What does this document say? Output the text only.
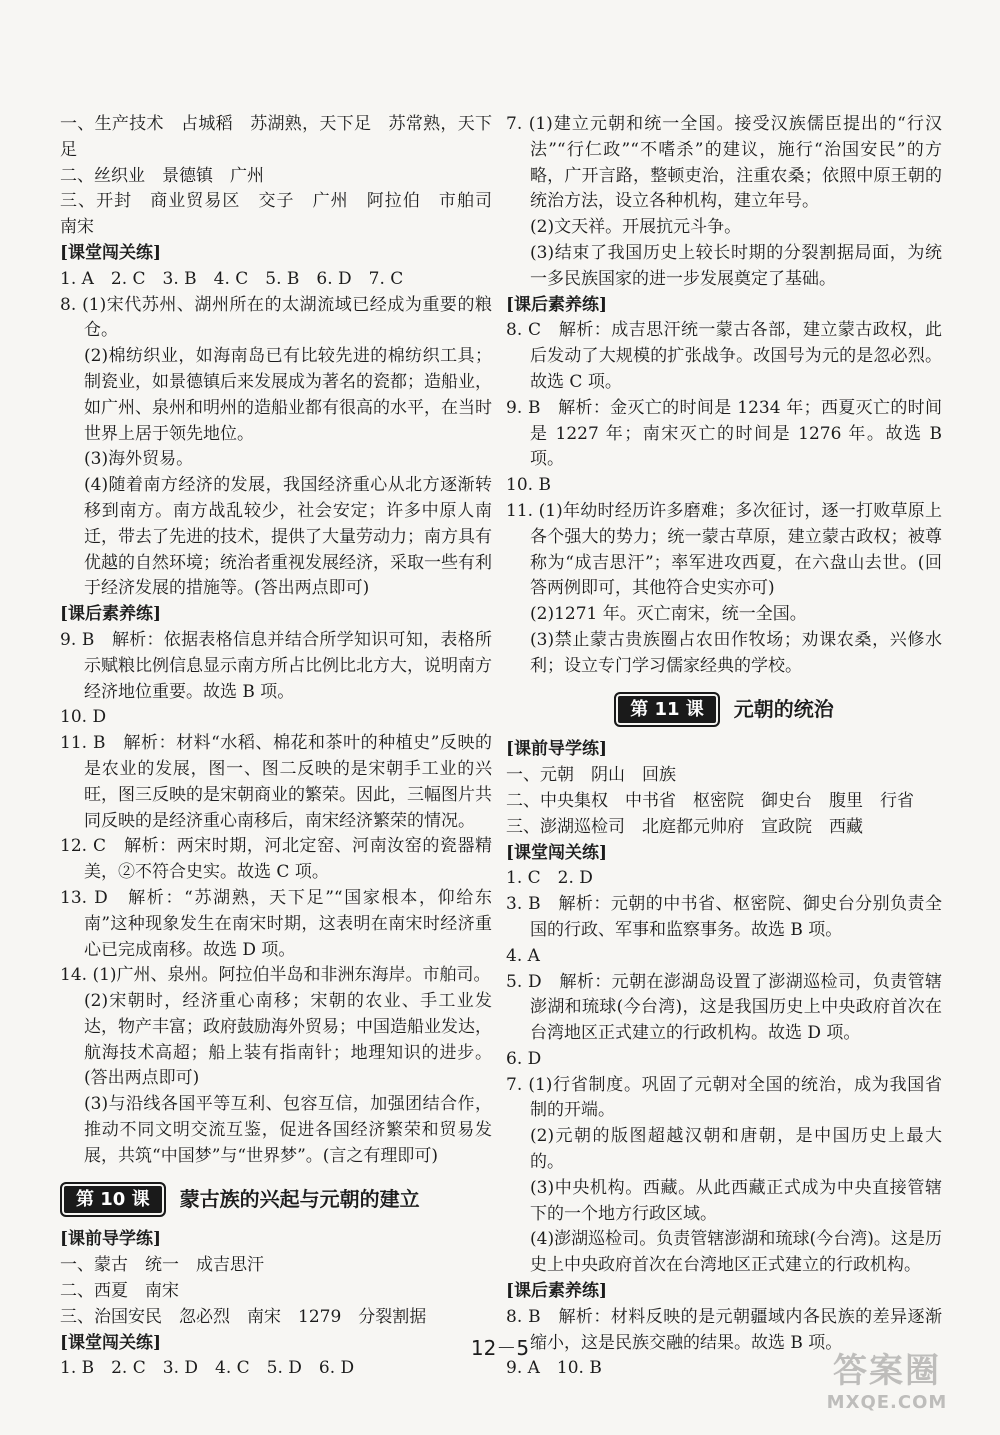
一、生产技术　占城稻　苏湖熟，天下足　苏常熟，天下足
二、丝织业　景德镇　广州
三、开封　商业贸易区　交子　广州　阿拉伯　市舶司　南宋
[课堂闯关练]
1. A　2. C　3. B　4. C　5. B　6. D　7. C
8. (1)宋代苏州、湖州所在的太湖流域已经成为重要的粮仓。
(2)棉纺织业，如海南岛已有比较先进的棉纺织工具；制瓷业，如景德镇后来发展成为著名的瓷都；造船业，如广州、泉州和明州的造船业都有很高的水平，在当时世界上居于领先地位。
(3)海外贸易。
(4)随着南方经济的发展，我国经济重心从北方逐渐转移到南方。南方战乱较少，社会安定；许多中原人南迁，带去了先进的技术，提供了大量劳动力；南方具有优越的自然环境；统治者重视发展经济，采取一些有利于经济发展的措施等。(答出两点即可)
[课后素养练]
9. B　解析：依据表格信息并结合所学知识可知，表格所示赋粮比例信息显示南方所占比例比北方大，说明南方经济地位重要。故选 B 项。
10. D
11. B　解析：材料“水稻、棉花和茶叶的种植史”反映的是农业的发展，图一、图二反映的是宋朝手工业的兴旺，图三反映的是宋朝商业的繁荣。因此，三幅图片共同反映的是经济重心南移后，南宋经济繁荣的情况。
12. C　解析：两宋时期，河北定窑、河南汝窑的瓷器精美，②不符合史实。故选 C 项。
13. D　解析：“苏湖熟，天下足”“国家根本，仰给东南”这种现象发生在南宋时期，这表明在南宋时经济重心已完成南移。故选 D 项。
14. (1)广州、泉州。阿拉伯半岛和非洲东海岸。市舶司。
(2)宋朝时，经济重心南移；宋朝的农业、手工业发达，物产丰富；政府鼓励海外贸易；中国造船业发达，航海技术高超；船上装有指南针；地理知识的进步。(答出两点即可)
(3)与沿线各国平等互利、包容互信，加强团结合作，推动不同文明交流互鉴，促进各国经济繁荣和贸易发展，共筑“中国梦”与“世界梦”。(言之有理即可)
第 10 课	蒙古族的兴起与元朝的建立
[课前导学练]
一、蒙古　统一　成吉思汗
二、西夏　南宋
三、治国安民　忽必烈　南宋　1279　分裂割据
[课堂闯关练]
1. B　2. C　3. D　4. C　5. D　6. D
7. (1)建立元朝和统一全国。接受汉族儒臣提出的“行汉法”“行仁政”“不嗜杀”的建议，施行“治国安民”的方略，广开言路，整顿吏治，注重农桑；依照中原王朝的统治方法，设立各种机构，建立年号。
(2)文天祥。开展抗元斗争。
(3)结束了我国历史上较长时期的分裂割据局面，为统一多民族国家的进一步发展奠定了基础。
[课后素养练]
8. C　解析：成吉思汗统一蒙古各部，建立蒙古政权，此后发动了大规模的扩张战争。改国号为元的是忽必烈。故选 C 项。
9. B　解析：金灭亡的时间是 1234 年；西夏灭亡的时间是 1227 年；南宋灭亡的时间是 1276 年。故选 B 项。
10. B
11. (1)年幼时经历许多磨难；多次征讨，逐一打败草原上各个强大的势力；统一蒙古草原，建立蒙古政权；被尊称为“成吉思汗”；率军进攻西夏，在六盘山去世。(回答两例即可，其他符合史实亦可)
(2)1271 年。灭亡南宋，统一全国。
(3)禁止蒙古贵族圈占农田作牧场；劝课农桑，兴修水利；设立专门学习儒家经典的学校。
第 11 课	元朝的统治
[课前导学练]
一、元朝　阴山　回族
二、中央集权　中书省　枢密院　御史台　腹里　行省
三、澎湖巡检司　北庭都元帅府　宣政院　西藏
[课堂闯关练]
1. C　2. D
3. B　解析：元朝的中书省、枢密院、御史台分别负责全国的行政、军事和监察事务。故选 B 项。
4. A
5. D　解析：元朝在澎湖岛设置了澎湖巡检司，负责管辖澎湖和琉球(今台湾)，这是我国历史上中央政府首次在台湾地区正式建立的行政机构。故选 D 项。
6. D
7. (1)行省制度。巩固了元朝对全国的统治，成为我国省制的开端。
(2)元朝的版图超越汉朝和唐朝，是中国历史上最大的。
(3)中央机构。西藏。从此西藏正式成为中央直接管辖下的一个地方行政区域。
(4)澎湖巡检司。负责管辖澎湖和琉球(今台湾)。这是历史上中央政府首次在台湾地区正式建立的行政机构。
[课后素养练]
8. B　解析：材料反映的是元朝疆域内各民族的差异逐渐缩小，这是民族交融的结果。故选 B 项。
9. A　10. B
12－5
答案圈
MXQE.COM
